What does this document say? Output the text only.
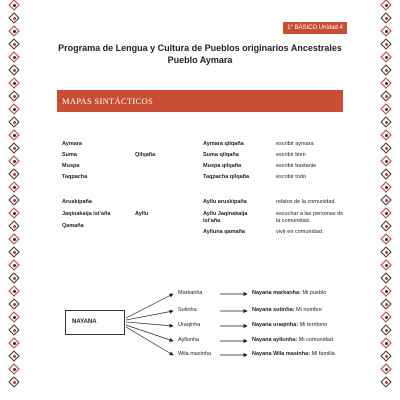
1° BÁSICO Unidad 4
Programa de Lengua y Cultura de Pueblos originarios Ancestrales
Pueblo Aymara
MAPAS SINTÁCTICOS
Aymara
Suma
Muspa
Taqpacha
Qilqaña
Aymara qilqaña
Suma qilqaña
Muspa qilqaña
Taqpacha qilqaña
escribir aymara
escribir bien
escribir bastante
escribir todo
Aruskipaña
Jaqinakaija ist'aña
Qamaña
Ayllu
Ayllu aruskipaña
Ayllu Jaqinakaija ist'aña
Aylluna qamaña
relatos de la comunidad.
escuchar a las personas de la comunidad.
vivir en comunidad.
NAYANA
Markanha
Sutinha
Uraqinha
Ayllunha
Wila masinha
Nayana markanha: Mi pueblo
Nayana sutinha: Mi nombre
Nayana uraqinha: Mi territorio
Nayana ayllunha: Mi comunidad
Nayana Wila masinha: Mi familia
